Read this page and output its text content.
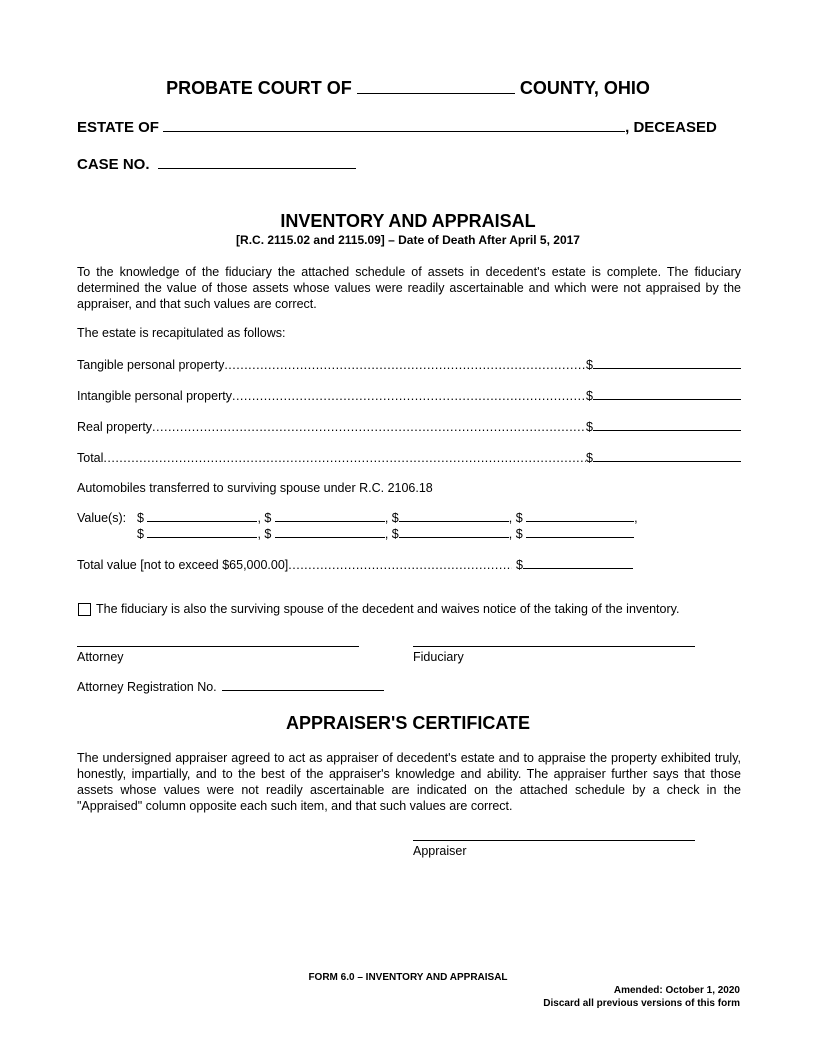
PROBATE COURT OF	COUNTY, OHIO
ESTATE OF	, DECEASED
CASE NO.
INVENTORY AND APPRAISAL
[R.C. 2115.02 and 2115.09] – Date of Death After April 5, 2017
To the knowledge of the fiduciary the attached schedule of assets in decedent's estate is complete. The fiduciary determined the value of those assets whose values were readily ascertainable and which were not appraised by the appraiser, and that such values are correct.
The estate is recapitulated as follows:
Tangible personal property .....	$
Intangible personal property .....	$
Real property .....	$
Total .....	$
Automobiles transferred to surviving spouse under R.C. 2106.18
Value(s): $	, $	, $	, $	,
$	, $	, $	, $
Total value [not to exceed $65,000.00] .....	$
The fiduciary is also the surviving spouse of the decedent and waives notice of the taking of the inventory.
Attorney	Fiduciary
Attorney Registration No.
APPRAISER'S CERTIFICATE
The undersigned appraiser agreed to act as appraiser of decedent's estate and to appraise the property exhibited truly, honestly, impartially, and to the best of the appraiser's knowledge and ability. The appraiser further says that those assets whose values were not readily ascertainable are indicated on the attached schedule by a check in the "Appraised" column opposite each such item, and that such values are correct.
Appraiser
FORM 6.0 – INVENTORY AND APPRAISAL
Amended: October 1, 2020
Discard all previous versions of this form
